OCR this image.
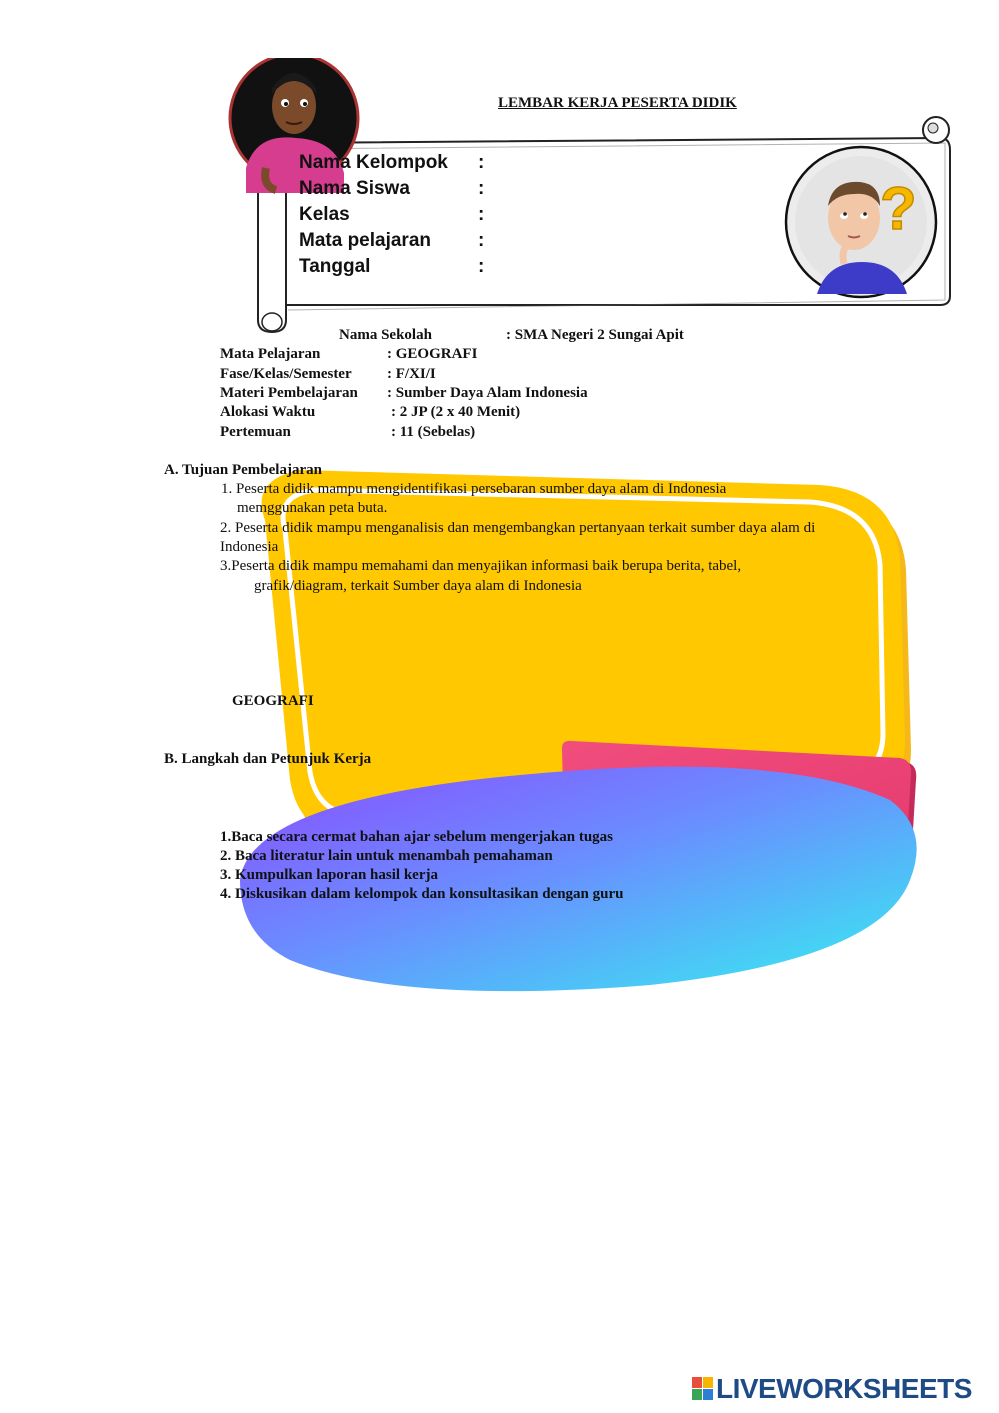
?
LEMBAR KERJA PESERTA DIDIK
Nama Kelompok :
Nama Siswa	:
Kelas	:
Mata pelajaran :
Tanggal	:
Nama Sekolah	: SMA Negeri 2 Sungai Apit
Mata Pelajaran	: GEOGRAFI
Fase/Kelas/Semester : F/XI/I
Materi Pembelajaran : Sumber Daya Alam Indonesia
Alokasi Waktu	: 2 JP (2 x 40 Menit)
Pertemuan	: 11 (Sebelas)
A. Tujuan Pembelajaran
1. Peserta didik mampu mengidentifikasi persebaran sumber daya alam di Indonesia
memggunakan peta buta.
2. Peserta didik mampu menganalisis dan mengembangkan pertanyaan terkait sumber daya alam di
Indonesia
3.Peserta didik mampu memahami dan menyajikan informasi baik berupa berita, tabel,
grafik/diagram, terkait Sumber daya alam di Indonesia
GEOGRAFI
B. Langkah dan Petunjuk Kerja
1.Baca secara cermat bahan ajar sebelum mengerjakan tugas
2. Baca literatur lain untuk menambah pemahaman
3. Kumpulkan laporan hasil kerja
4. Diskusikan dalam kelompok dan konsultasikan dengan guru
LIVEWORKSHEETS
